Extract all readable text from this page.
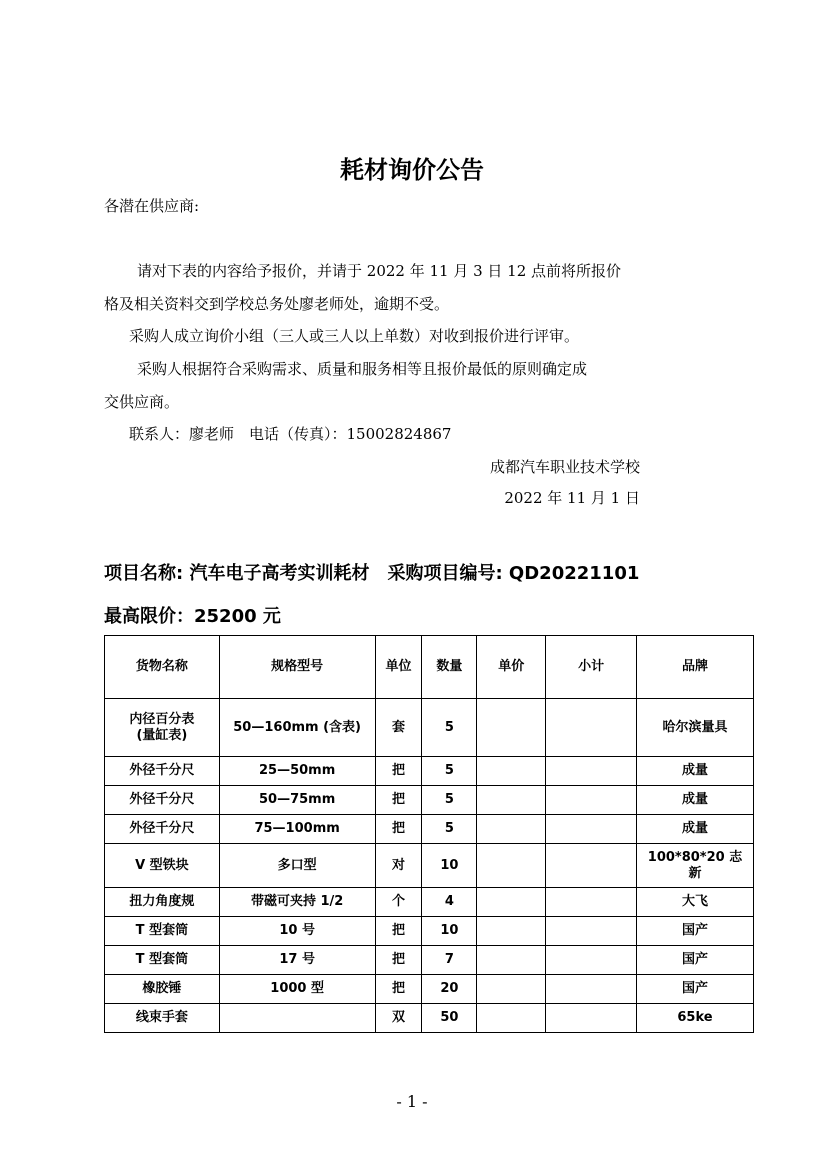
耗材询价公告
各潜在供应商:
请对下表的内容给予报价，并请于 2022 年 11 月 3 日 12 点前将所报价
格及相关资料交到学校总务处廖老师处，逾期不受。
采购人成立询价小组（三人或三人以上单数）对收到报价进行评审。
采购人根据符合采购需求、质量和服务相等且报价最低的原则确定成
交供应商。
联系人：廖老师　电话（传真）：15002824867
成都汽车职业技术学校
2022 年 11 月 1 日
项目名称: 汽车电子高考实训耗材　采购项目编号: QD20221101
最高限价：25200 元
货物名称	规格型号	单位	数量	单价	小计	品牌
内径百分表
(量缸表)	50—160mm (含表)	套	5			哈尔滨量具
外径千分尺	25—50mm	把	5			成量
外径千分尺	50—75mm	把	5			成量
外径千分尺	75—100mm	把	5			成量
V 型铁块	多口型	对	10			100*80*20 志
新
扭力角度规	带磁可夹持 1/2	个	4			大飞
T 型套筒	10 号	把	10			国产
T 型套筒	17 号	把	7			国产
橡胶锤	1000 型	把	20			国产
线束手套		双	50			65ke
- 1 -
